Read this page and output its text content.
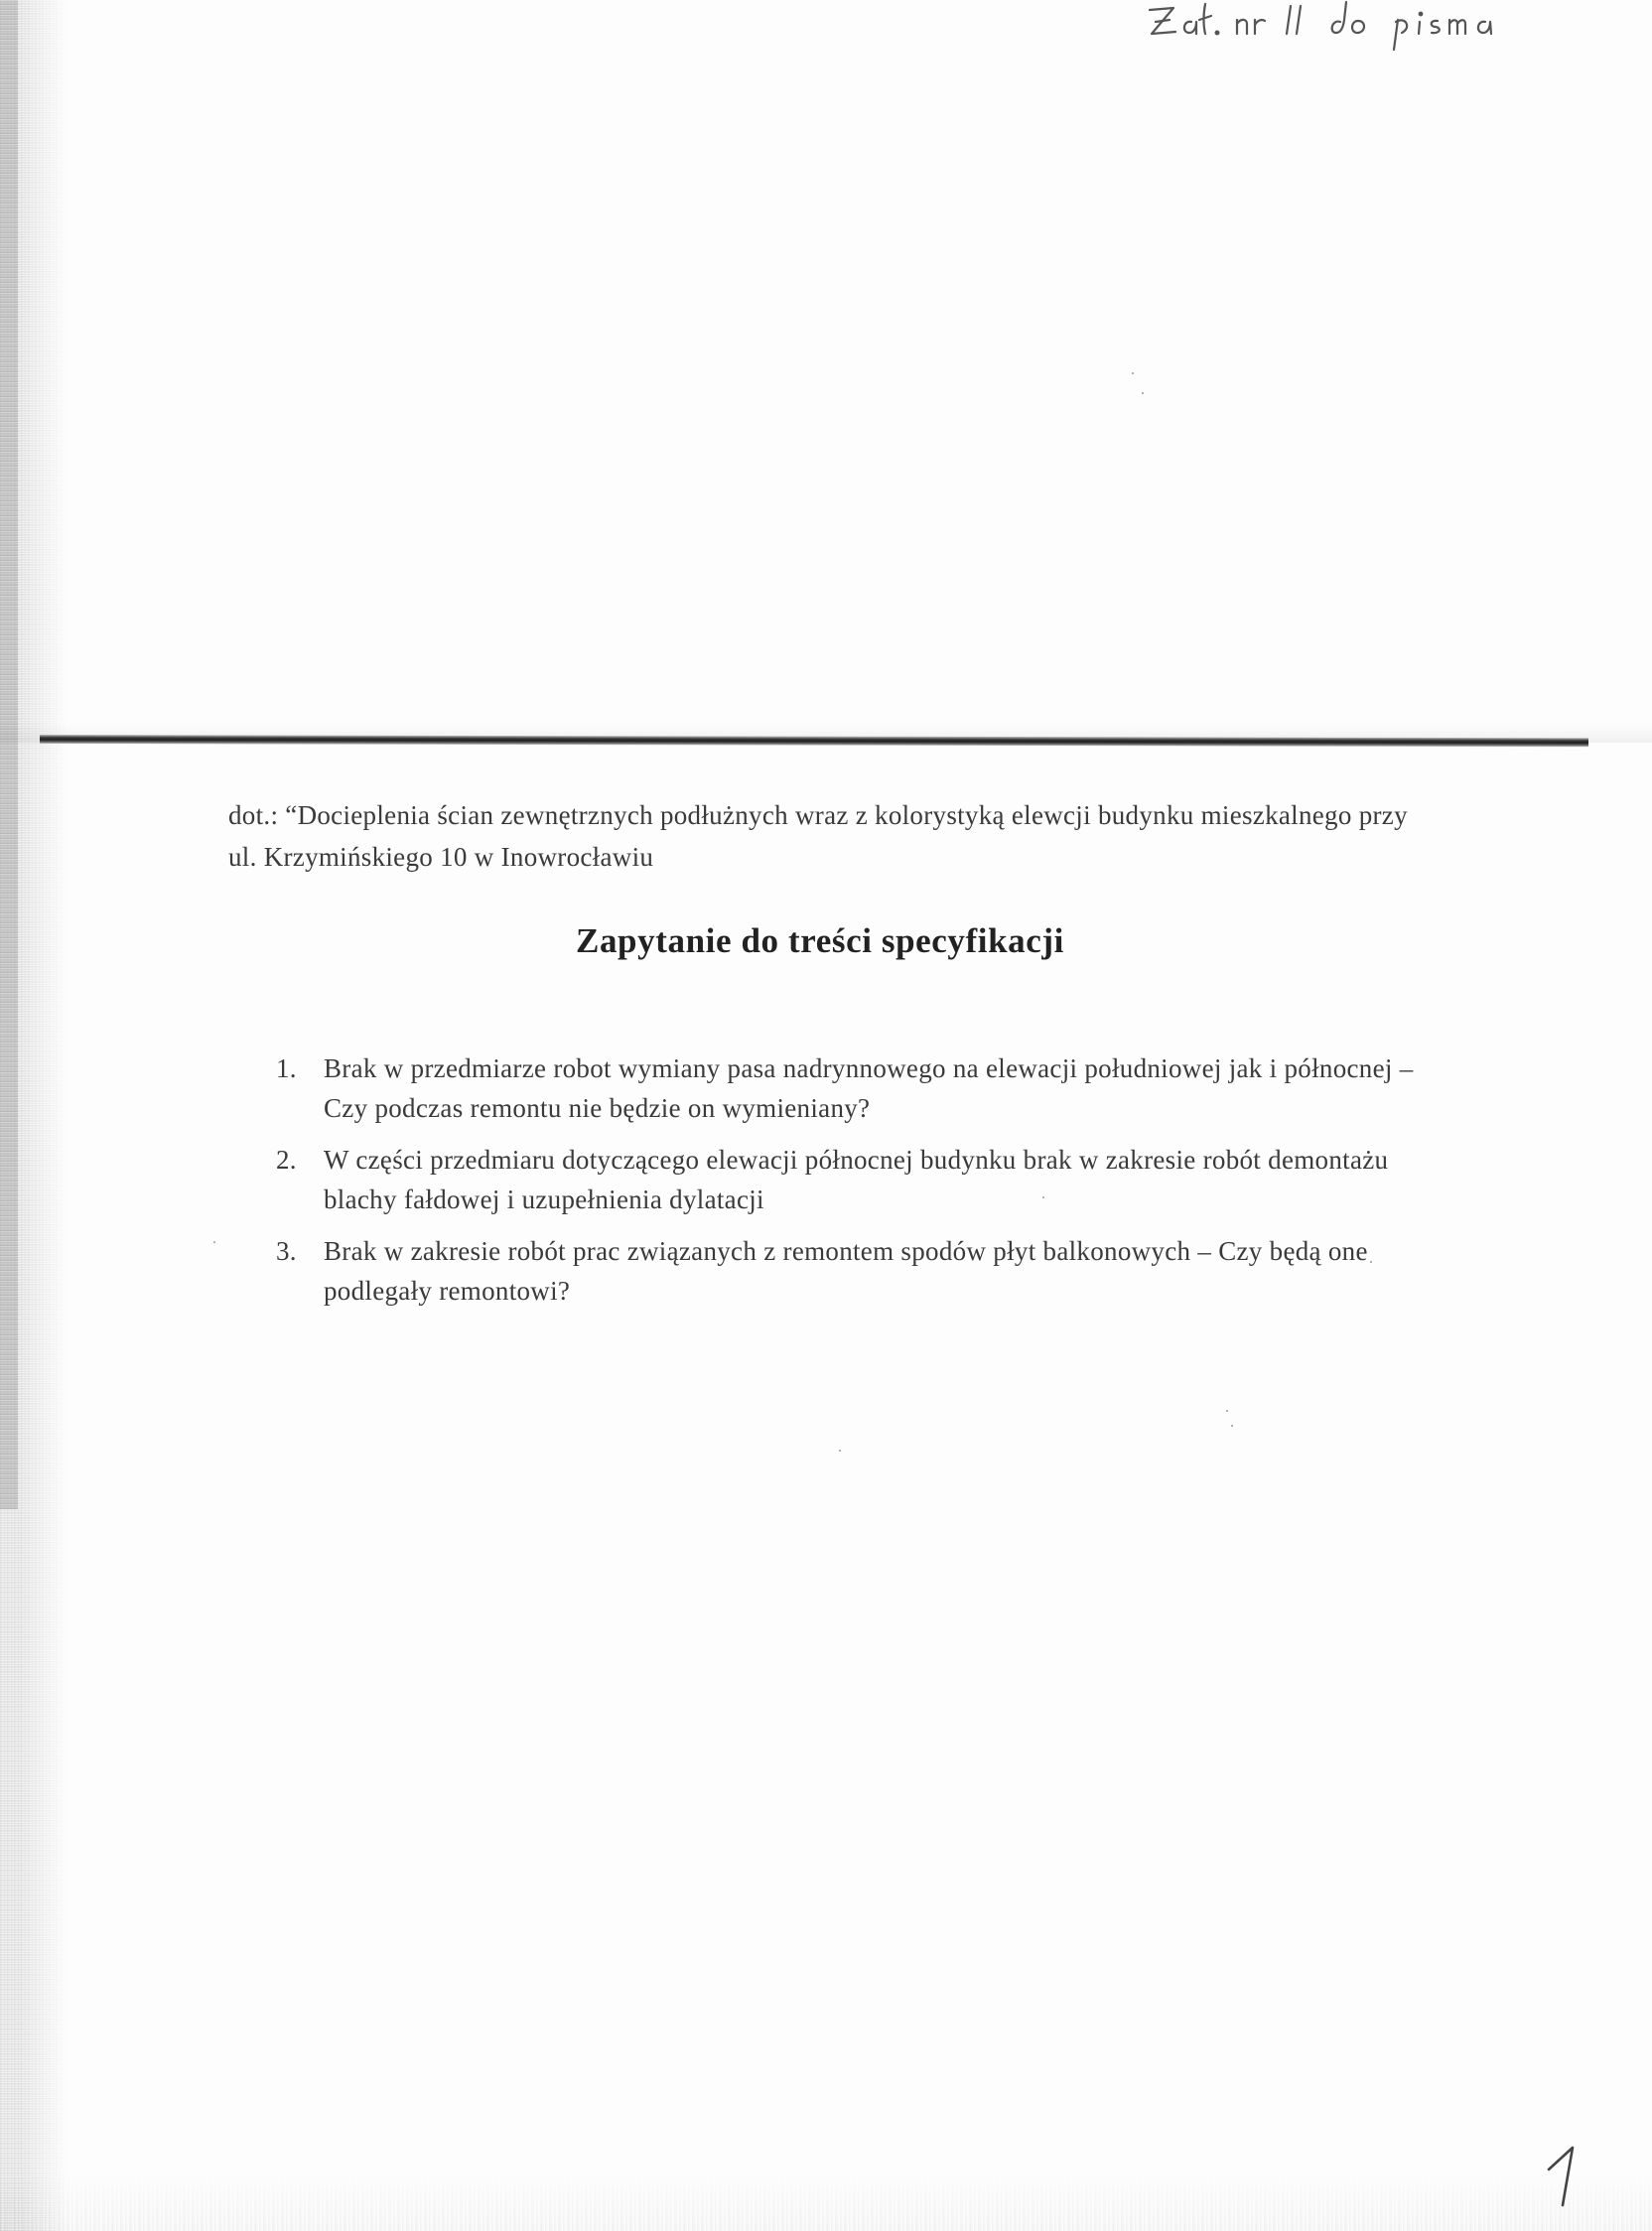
dot.: “Docieplenia ścian zewnętrznych podłużnych wraz z kolorystyką elewcji budynku mieszkalnego przy ul. Krzymińskiego 10 w Inowrocławiu

Zapytanie do treści specyfikacji
1.	Brak w przedmiarze robot wymiany pasa nadrynnowego na elewacji południowej jak i północnej – Czy podczas remontu nie będzie on wymieniany?
2.	W części przedmiaru dotyczącego elewacji północnej budynku brak w zakresie robót demontażu blachy fałdowej i uzupełnienia dylatacji
3.	Brak w zakresie robót prac związanych z remontem spodów płyt balkonowych – Czy będą one podlegały remontowi?
